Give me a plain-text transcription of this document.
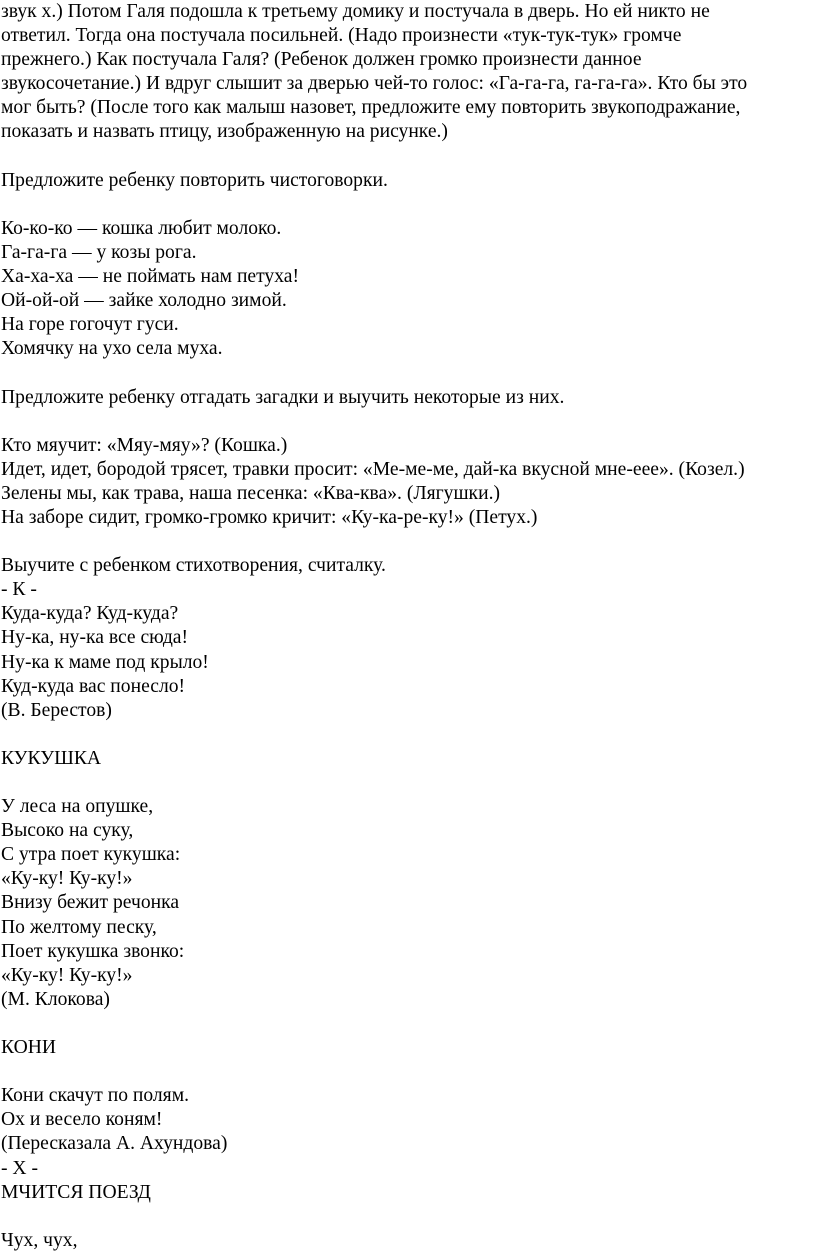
звук х.) Потом Галя подошла к третьему домику и постучала в дверь. Но ей никто не
ответил. Тогда она постучала посильней. (Надо произнести «тук-тук-тук» громче
прежнего.) Как постучала Галя? (Ребенок должен громко произнести данное
звукосочетание.) И вдруг слышит за дверью чей-то голос: «Га-га-га, га-га-га». Кто бы это
мог быть? (После того как малыш назовет, предложите ему повторить звукоподражание,
показать и назвать птицу, изображенную на рисунке.)
Предложите ребенку повторить чистоговорки.
Ко-ко-ко — кошка любит молоко.
Га-га-га — у козы рога.
Ха-ха-ха — не поймать нам петуха!
Ой-ой-ой — зайке холодно зимой.
На горе гогочут гуси.
Хомячку на ухо села муха.
Предложите ребенку отгадать загадки и выучить некоторые из них.
Кто мяучит: «Мяу-мяу»? (Кошка.)
Идет, идет, бородой трясет, травки просит: «Ме-ме-ме, дай-ка вкусной мне-еее». (Козел.)
Зелены мы, как трава, наша песенка: «Ква-ква». (Лягушки.)
На заборе сидит, громко-громко кричит: «Ку-ка-ре-ку!» (Петух.)
Выучите с ребенком стихотворения, считалку.
- К -
Куда-куда? Куд-куда?
Ну-ка, ну-ка все сюда!
Ну-ка к маме под крыло!
Куд-куда вас понесло!
(В. Берестов)
КУКУШКА
У леса на опушке,
Высоко на суку,
С утра поет кукушка:
«Ку-ку! Ку-ку!»
Внизу бежит речонка
По желтому песку,
Поет кукушка звонко:
«Ку-ку! Ку-ку!»
(М. Клокова)
КОНИ
Кони скачут по полям.
Ох и весело коням!
(Пересказала А. Ахундова)
- Х -
МЧИТСЯ ПОЕЗД
Чух, чух,
